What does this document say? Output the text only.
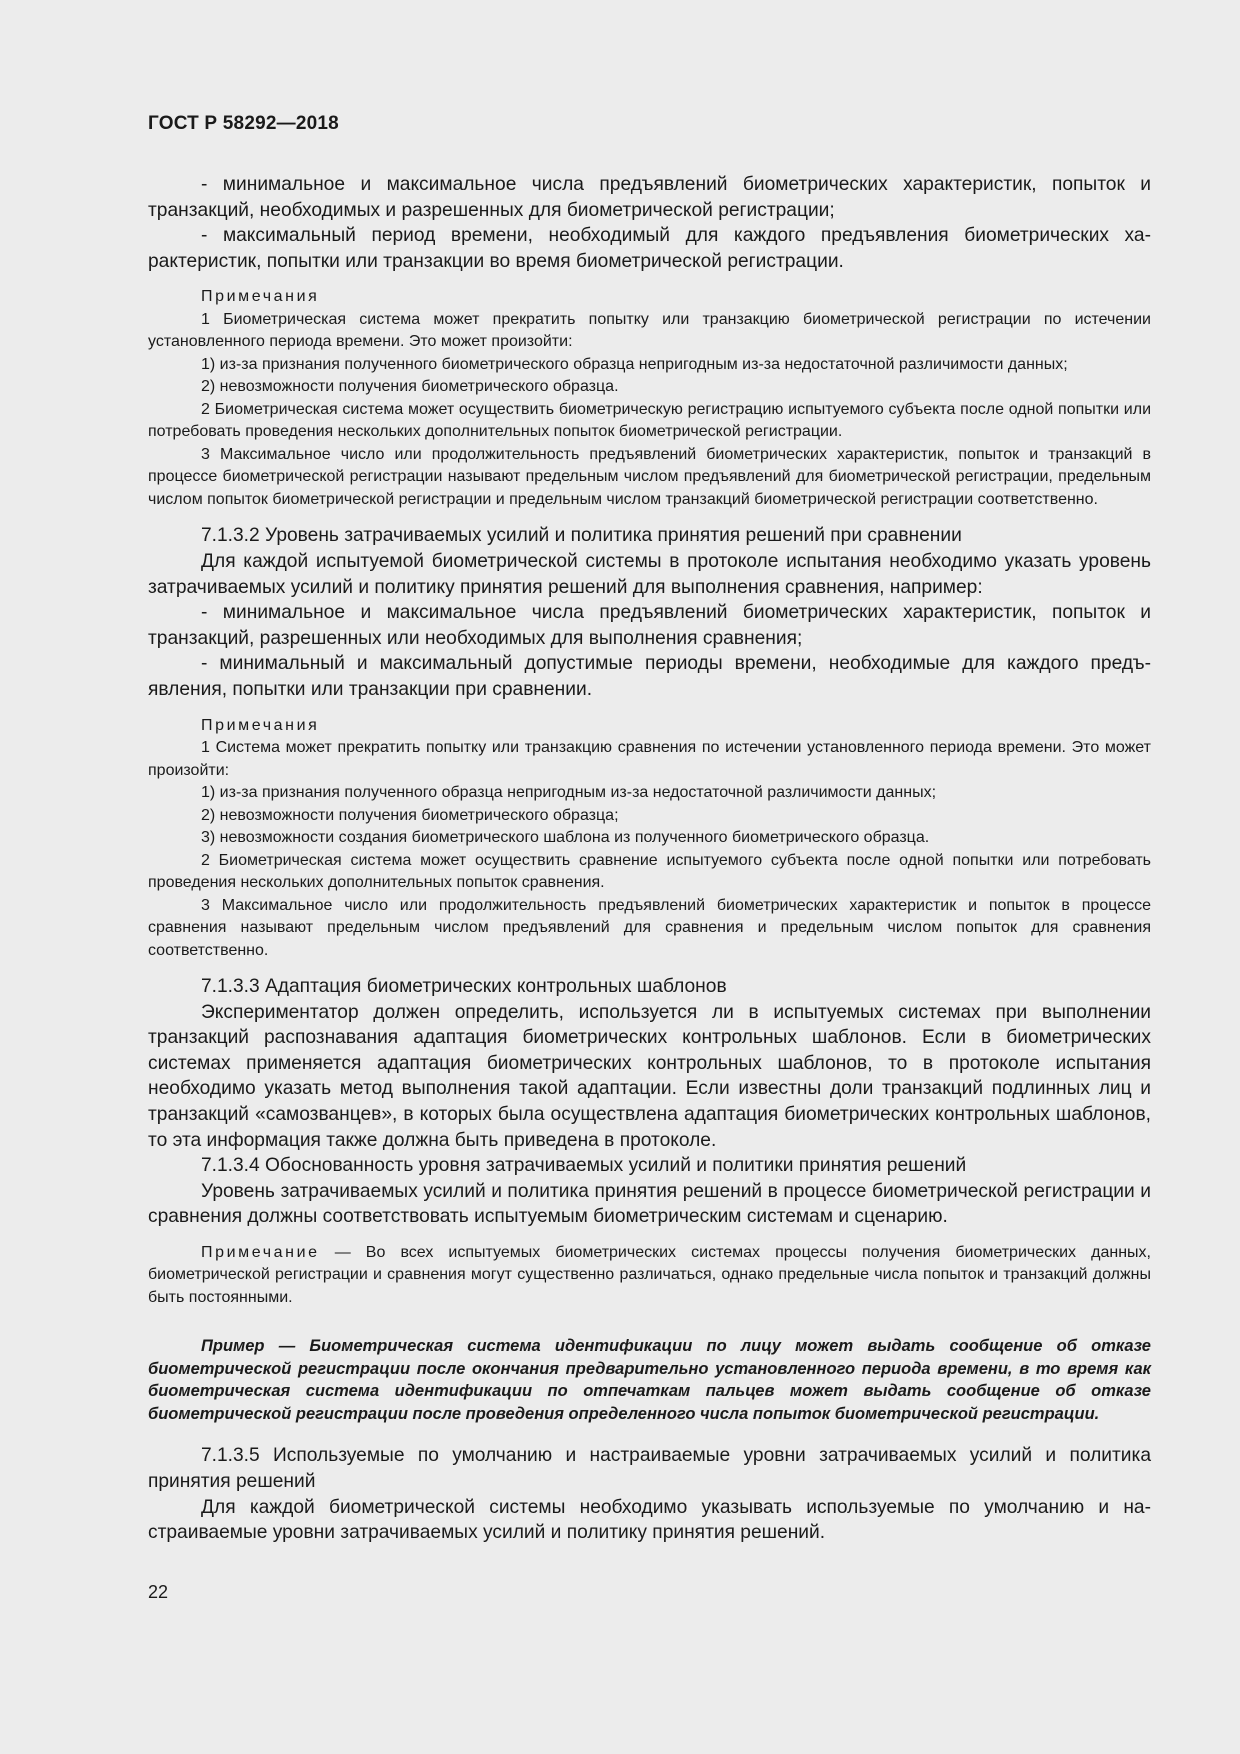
ГОСТ Р 58292—2018

- минимальное и максимальное числа предъявлений биометрических характеристик, попыток и транзакций, необходимых и разрешенных для биометрической регистрации;

- максимальный период времени, необходимый для каждого предъявления биометрических характеристик, попытки или транзакции во время биометрической регистрации.

Примечания

1 Биометрическая система может прекратить попытку или транзакцию биометрической регистрации по истечении установленного периода времени. Это может произойти:

1) из-за признания полученного биометрического образца непригодным из-за недостаточной различимости данных;

2) невозможности получения биометрического образца.

2 Биометрическая система может осуществить биометрическую регистрацию испытуемого субъекта после одной попытки или потребовать проведения нескольких дополнительных попыток биометрической регистрации.

3 Максимальное число или продолжительность предъявлений биометрических характеристик, попыток и транзакций в процессе биометрической регистрации называют предельным числом предъявлений для биометрической регистрации, предельным числом попыток биометрической регистрации и предельным числом транзакций биометрической регистрации соответственно.

7.1.3.2 Уровень затрачиваемых усилий и политика принятия решений при сравнении

Для каждой испытуемой биометрической системы в протоколе испытания необходимо указать уровень затрачиваемых усилий и политику принятия решений для выполнения сравнения, например:

- минимальное и максимальное числа предъявлений биометрических характеристик, попыток и транзакций, разрешенных или необходимых для выполнения сравнения;

- минимальный и максимальный допустимые периоды времени, необходимые для каждого предъявления, попытки или транзакции при сравнении.

Примечания

1 Система может прекратить попытку или транзакцию сравнения по истечении установленного периода времени. Это может произойти:

1) из-за признания полученного образца непригодным из-за недостаточной различимости данных;

2) невозможности получения биометрического образца;

3) невозможности создания биометрического шаблона из полученного биометрического образца.

2 Биометрическая система может осуществить сравнение испытуемого субъекта после одной попытки или потребовать проведения нескольких дополнительных попыток сравнения.

3 Максимальное число или продолжительность предъявлений биометрических характеристик и попыток в процессе сравнения называют предельным числом предъявлений для сравнения и предельным числом попыток для сравнения соответственно.

7.1.3.3 Адаптация биометрических контрольных шаблонов

Экспериментатор должен определить, используется ли в испытуемых системах при выполнении транзакций распознавания адаптация биометрических контрольных шаблонов. Если в биометрических системах применяется адаптация биометрических контрольных шаблонов, то в протоколе испытания необходимо указать метод выполнения такой адаптации. Если известны доли транзакций подлинных лиц и транзакций «самозванцев», в которых была осуществлена адаптация биометрических контрольных шаблонов, то эта информация также должна быть приведена в протоколе.

7.1.3.4 Обоснованность уровня затрачиваемых усилий и политики принятия решений

Уровень затрачиваемых усилий и политика принятия решений в процессе биометрической регистрации и сравнения должны соответствовать испытуемым биометрическим системам и сценарию.

Примечание — Во всех испытуемых биометрических системах процессы получения биометрических данных, биометрической регистрации и сравнения могут существенно различаться, однако предельные числа попыток и транзакций должны быть постоянными.

Пример — Биометрическая система идентификации по лицу может выдать сообщение об отказе биометрической регистрации после окончания предварительно установленного периода времени, в то время как биометрическая система идентификации по отпечаткам пальцев может выдать сообщение об отказе биометрической регистрации после проведения определенного числа попыток биометрической регистрации.

7.1.3.5 Используемые по умолчанию и настраиваемые уровни затрачиваемых усилий и политика принятия решений

Для каждой биометрической системы необходимо указывать используемые по умолчанию и настраиваемые уровни затрачиваемых усилий и политику принятия решений.

22
